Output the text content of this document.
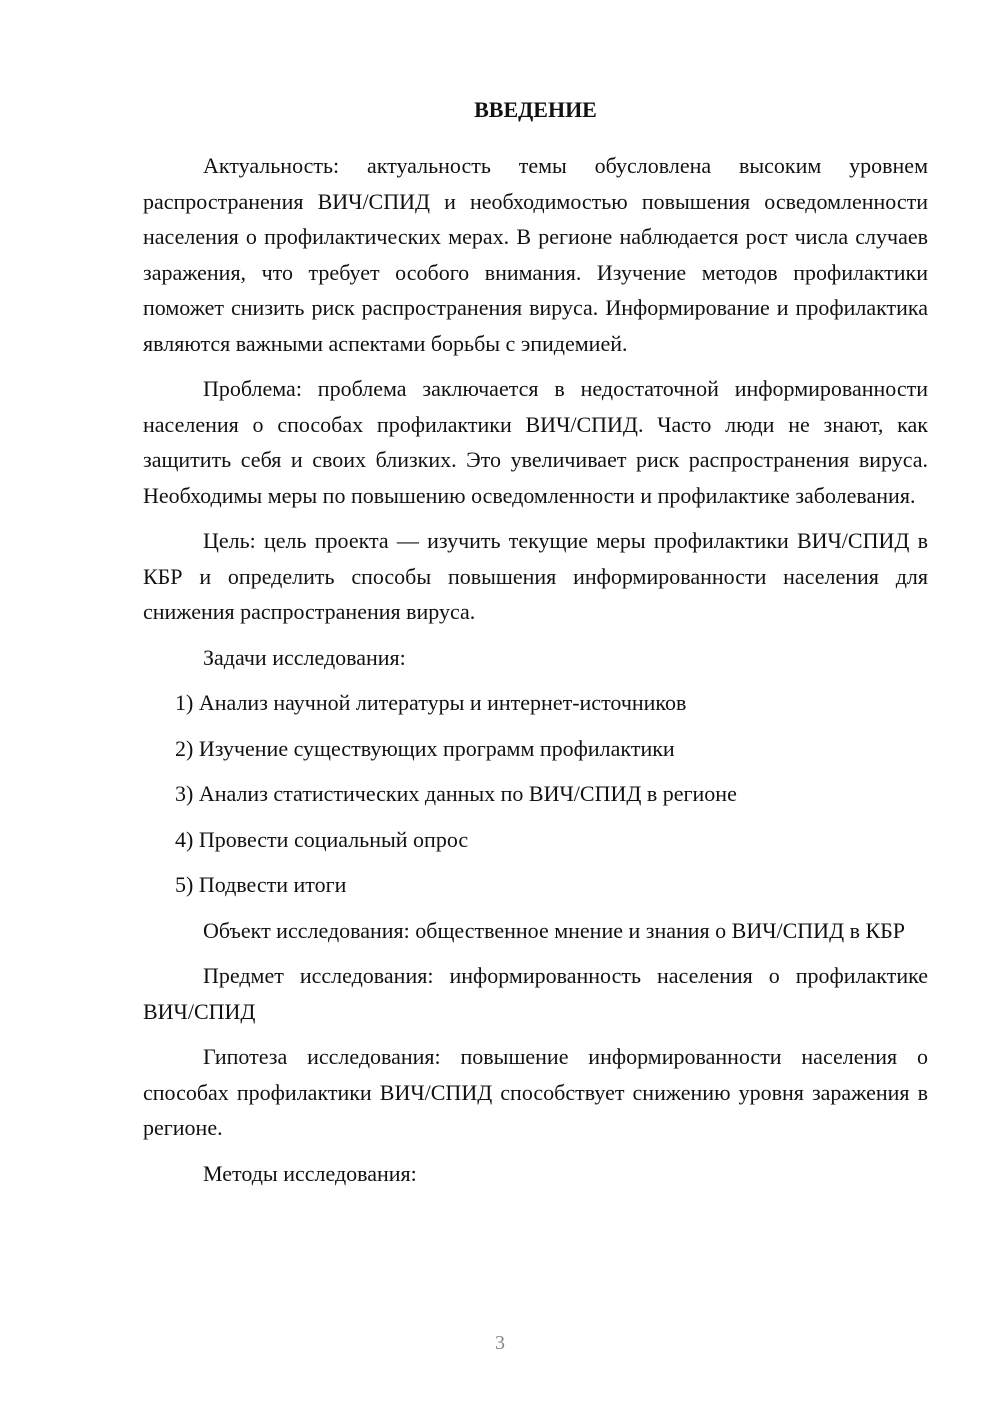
ВВЕДЕНИЕ

Актуальность: актуальность темы обусловлена высоким уровнем распространения ВИЧ/СПИД и необходимостью повышения осведомленности населения о профилактических мерах. В регионе наблюдается рост числа случаев заражения, что требует особого внимания. Изучение методов профилактики поможет снизить риск распространения вируса. Информирование и профилактика являются важными аспектами борьбы с эпидемией.

Проблема: проблема заключается в недостаточной информированности населения о способах профилактики ВИЧ/СПИД. Часто люди не знают, как защитить себя и своих близких. Это увеличивает риск распространения вируса. Необходимы меры по повышению осведомленности и профилактике заболевания.

Цель: цель проекта — изучить текущие меры профилактики ВИЧ/СПИД в КБР и определить способы повышения информированности населения для снижения распространения вируса.

Задачи исследования:

1) Анализ научной литературы и интернет-источников
2) Изучение существующих программ профилактики
3) Анализ статистических данных по ВИЧ/СПИД в регионе
4) Провести социальный опрос
5) Подвести итоги

Объект исследования: общественное мнение и знания о ВИЧ/СПИД в КБР

Предмет исследования: информированность населения о профилактике ВИЧ/СПИД

Гипотеза исследования: повышение информированности населения о способах профилактики ВИЧ/СПИД способствует снижению уровня заражения в регионе.

Методы исследования:

3
